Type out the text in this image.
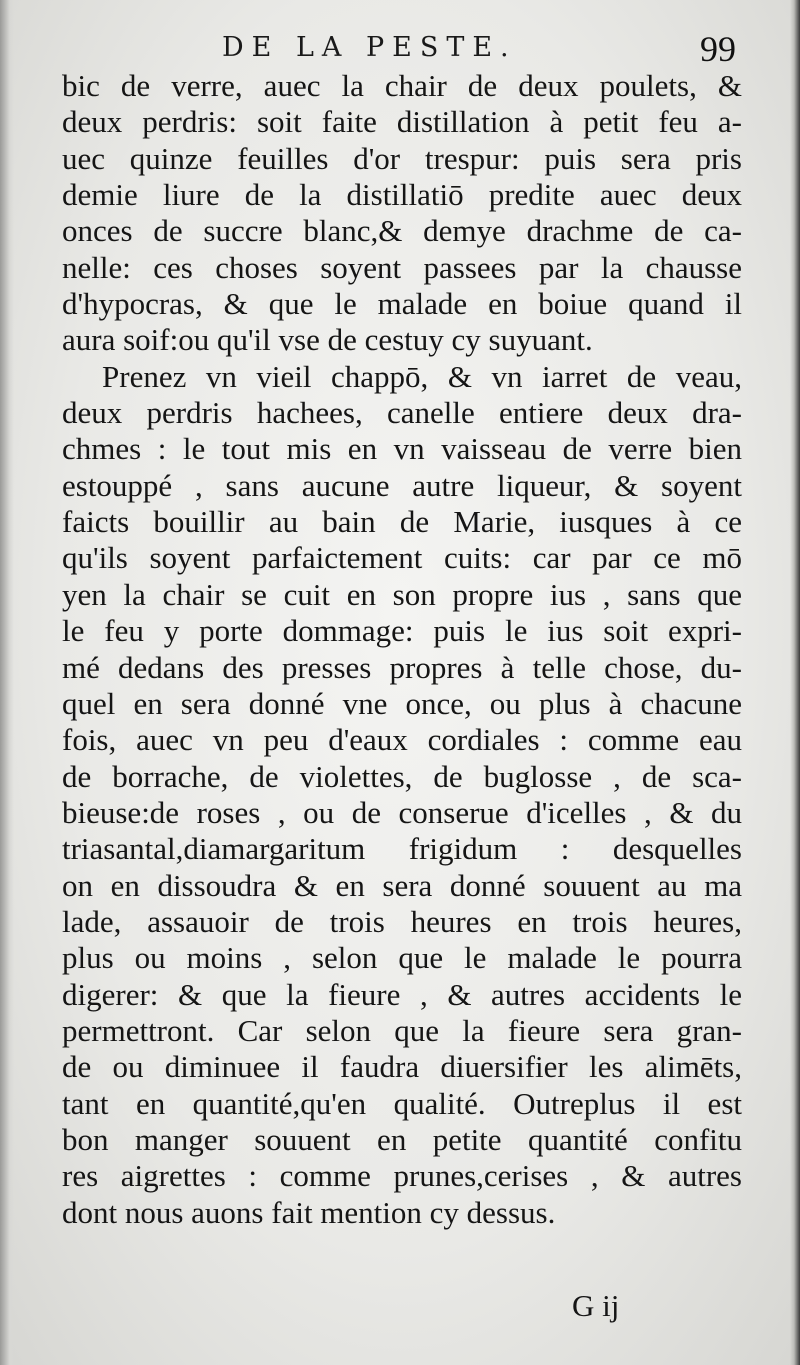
DE LA PESTE.	99
bic de verre, auec la chair de deux poulets, &
deux perdris: soit faite distillation à petit feu a-
uec quinze feuilles d'or trespur: puis sera pris
demie liure de la distillatiō predite auec deux
onces de succre blanc,& demye drachme de ca-
nelle: ces choses soyent passees par la chausse
d'hypocras, & que le malade en boiue quand il
aura soif:ou qu'il vse de cestuy cy suyuant.
Prenez vn vieil chappō, & vn iarret de veau,
deux perdris hachees, canelle entiere deux dra-
chmes : le tout mis en vn vaisseau de verre bien
estouppé , sans aucune autre liqueur, & soyent
faicts bouillir au bain de Marie, iusques à ce
qu'ils soyent parfaictement cuits: car par ce mō
yen la chair se cuit en son propre ius , sans que
le feu y porte dommage: puis le ius soit expri-
mé dedans des presses propres à telle chose, du-
quel en sera donné vne once, ou plus à chacune
fois, auec vn peu d'eaux cordiales : comme eau
de borrache, de violettes, de buglosse , de sca-
bieuse:de roses , ou de conserue d'icelles , & du
triasantal,diamargaritum frigidum : desquelles
on en dissoudra & en sera donné souuent au ma
lade, assauoir de trois heures en trois heures,
plus ou moins , selon que le malade le pourra
digerer: & que la fieure , & autres accidents le
permettront. Car selon que la fieure sera gran-
de ou diminuee il faudra diuersifier les alimēts,
tant en quantité,qu'en qualité. Outreplus il est
bon manger souuent en petite quantité confitu
res aigrettes : comme prunes,cerises , & autres
dont nous auons fait mention cy dessus.
G ij
